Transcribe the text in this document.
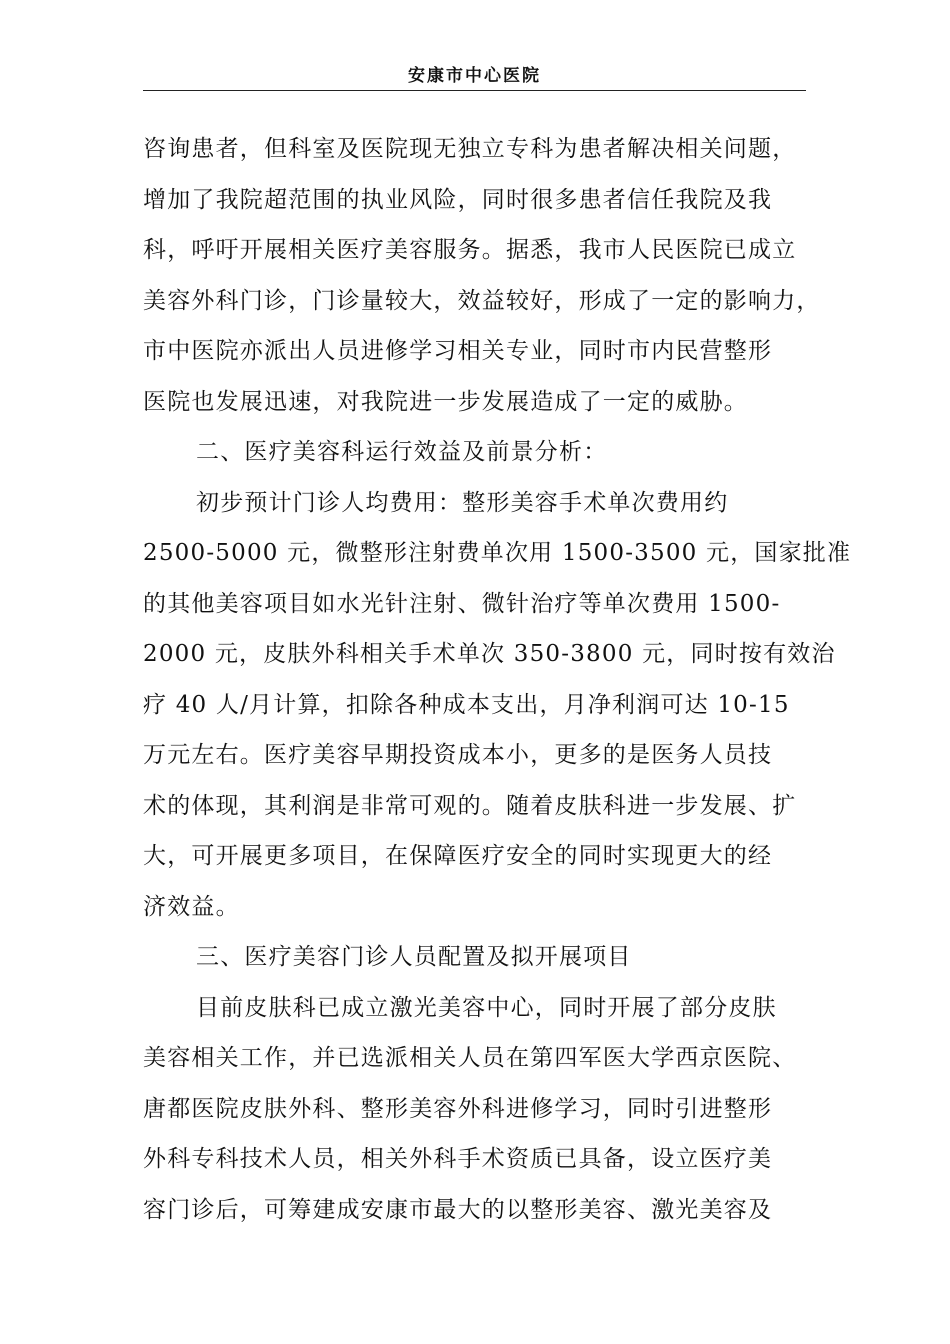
安康市中心医院
咨询患者，但科室及医院现无独立专科为患者解决相关问题，
增加了我院超范围的执业风险，同时很多患者信任我院及我
科，呼吁开展相关医疗美容服务。据悉，我市人民医院已成立
美容外科门诊，门诊量较大，效益较好，形成了一定的影响力，
市中医院亦派出人员进修学习相关专业，同时市内民营整形
医院也发展迅速，对我院进一步发展造成了一定的威胁。
二、医疗美容科运行效益及前景分析：
初步预计门诊人均费用：整形美容手术单次费用约
2500-5000 元，微整形注射费单次用 1500-3500 元，国家批准
的其他美容项目如水光针注射、微针治疗等单次费用 1500-
2000 元，皮肤外科相关手术单次 350-3800 元，同时按有效治
疗 40 人/月计算，扣除各种成本支出，月净利润可达 10-15
万元左右。医疗美容早期投资成本小，更多的是医务人员技
术的体现，其利润是非常可观的。随着皮肤科进一步发展、扩
大，可开展更多项目，在保障医疗安全的同时实现更大的经
济效益。
三、医疗美容门诊人员配置及拟开展项目
目前皮肤科已成立激光美容中心，同时开展了部分皮肤
美容相关工作，并已选派相关人员在第四军医大学西京医院、
唐都医院皮肤外科、整形美容外科进修学习，同时引进整形
外科专科技术人员，相关外科手术资质已具备，设立医疗美
容门诊后，可筹建成安康市最大的以整形美容、激光美容及
